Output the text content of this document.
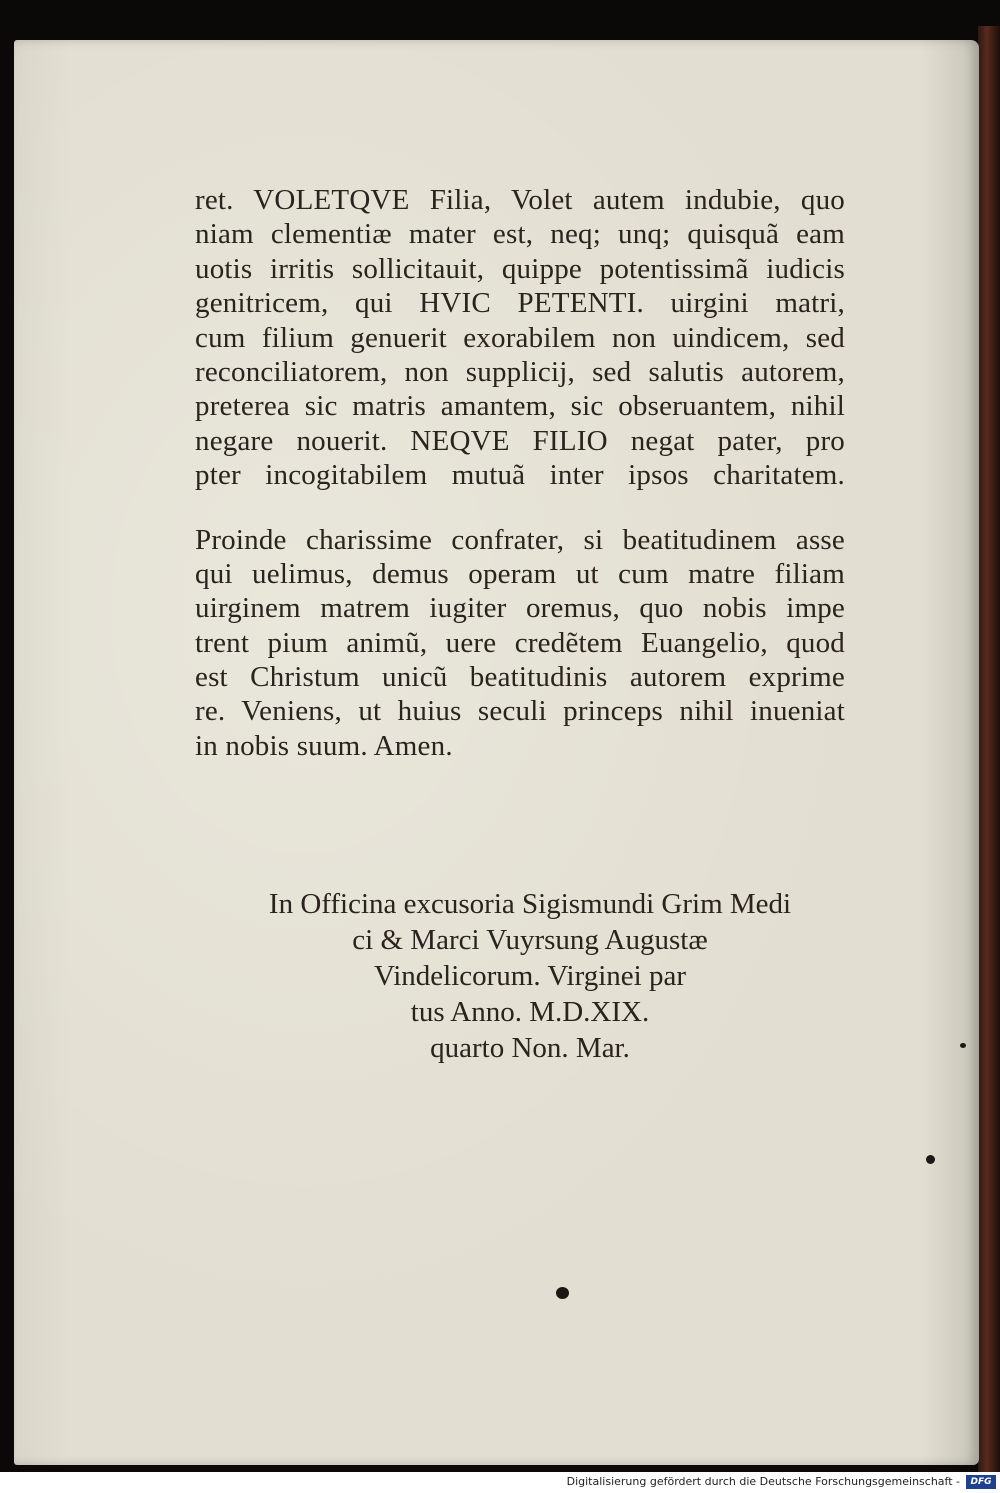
ret. VOLETQVE Filia, Volet autem indubie, quo
niam clementiæ mater est, neq; unq; quisquã eam
uotis irritis sollicitauit, quippe potentissimã iudicis
genitricem, qui HVIC PETENTI. uirgini matri,
cum filium genuerit exorabilem non uindicem, sed
reconciliatorem, non supplicij, sed salutis autorem,
preterea sic matris amantem, sic obseruantem, nihil
negare nouerit. NEQVE FILIO negat pater, pro
pter incogitabilem mutuã inter ipsos charitatem.
Proinde charissime confrater, si beatitudinem asse
qui uelimus, demus operam ut cum matre filiam
uirginem matrem iugiter oremus, quo nobis impe
trent pium animũ, uere credẽtem Euangelio, quod
est Christum unicũ beatitudinis autorem exprime
re. Veniens, ut huius seculi princeps nihil inueniat
in nobis suum. Amen.
In Officina excusoria Sigismundi Grim Medi
ci & Marci Vuyrsung Augustæ
Vindelicorum. Virginei par
tus Anno. M.D.XIX.
quarto Non. Mar.
Digitalisierung gefördert durch die Deutsche Forschungsgemeinschaft -	DFG
